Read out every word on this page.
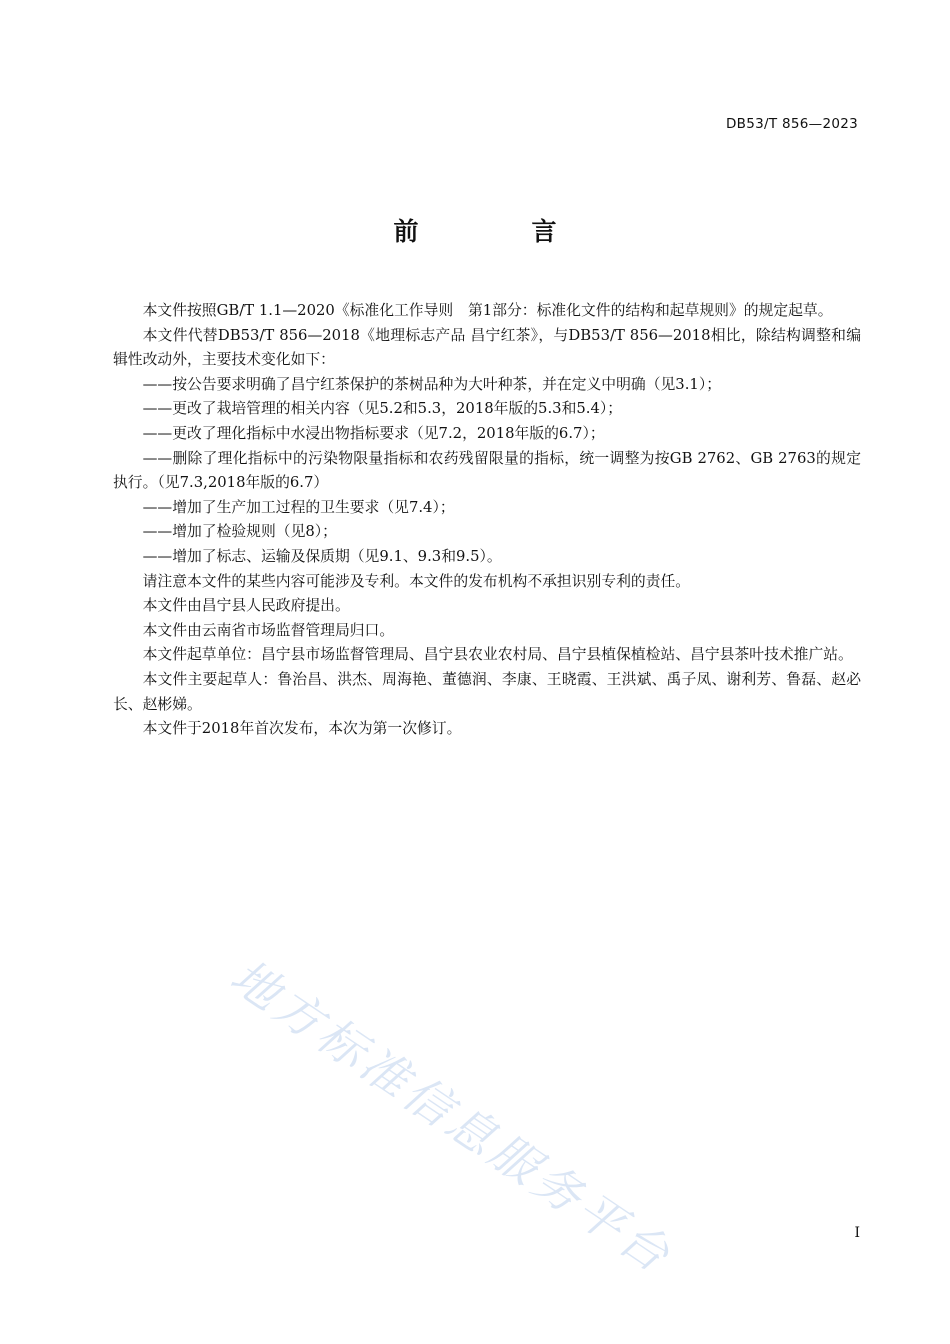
DB53/T 856—2023
前　言

本文件按照GB/T 1.1—2020《标准化工作导则　第1部分：标准化文件的结构和起草规则》的规定起草。

本文件代替DB53/T 856—2018《地理标志产品 昌宁红茶》，与DB53/T 856—2018相比，除结构调整和编辑性改动外，主要技术变化如下：

——按公告要求明确了昌宁红茶保护的茶树品种为大叶种茶，并在定义中明确（见3.1）；

——更改了栽培管理的相关内容（见5.2和5.3，2018年版的5.3和5.4）；

——更改了理化指标中水浸出物指标要求（见7.2，2018年版的6.7）；

——删除了理化指标中的污染物限量指标和农药残留限量的指标，统一调整为按GB 2762、GB 2763的规定执行。（见7.3,2018年版的6.7）

——增加了生产加工过程的卫生要求（见7.4）；

——增加了检验规则（见8）；

——增加了标志、运输及保质期（见9.1、9.3和9.5）。

请注意本文件的某些内容可能涉及专利。本文件的发布机构不承担识别专利的责任。

本文件由昌宁县人民政府提出。

本文件由云南省市场监督管理局归口。

本文件起草单位：昌宁县市场监督管理局、昌宁县农业农村局、昌宁县植保植检站、昌宁县茶叶技术推广站。

本文件主要起草人：鲁治昌、洪杰、周海艳、董德润、李康、王晓霞、王洪斌、禹子凤、谢利芳、鲁磊、赵必长、赵彬娣。

本文件于2018年首次发布，本次为第一次修订。

地方标准信息服务平台	I
